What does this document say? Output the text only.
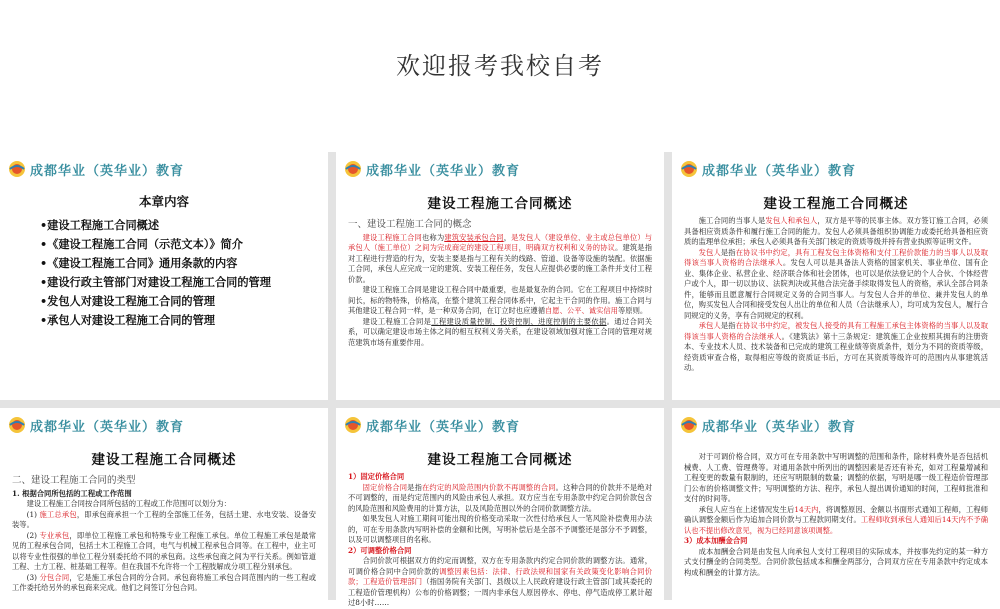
欢迎报考我校自考
成都华业（英华业）教育
本章内容
•建设工程施工合同概述
•《建设工程施工合同（示范文本）》简介
•《建设工程施工合同》通用条款的内容
•建设行政主管部门对建设工程施工合同的管理
•发包人对建设工程施工合同的管理
•承包人对建设工程施工合同的管理
成都华业（英华业）教育
建设工程施工合同概述
一、建设工程施工合同的概念
建设工程施工合同也称为建筑安装承包合同，是发包人（建设单位、业主或总包单位）与承包人（施工单位）之间为完成商定的建设工程项目，明确双方权利和义务的协议。建筑是指对工程进行营造的行为，安装主要是指与工程有关的线路、管道、设备等设施的装配。依据施工合同，承包人应完成一定的建筑、安装工程任务，发包人应提供必要的施工条件并支付工程价款。
建设工程施工合同是建设工程合同中最重要，也是最复杂的合同。它在工程项目中持续时间长，标的物特殊，价格高，在整个建筑工程合同体系中，它起主干合同的作用。施工合同与其他建设工程合同一样，是一种双务合同，在订立时也应遵循自愿、公平、诚实信用等原则。
建设工程施工合同是工程建设质量控制、投资控制、进度控制的主要依据。通过合同关系，可以确定建设市场主体之间的相互权利义务关系，在建设领域加强对施工合同的管理对规范建筑市场有重要作用。
成都华业（英华业）教育
建设工程施工合同概述
施工合同的当事人是发包人和承包人，双方是平等的民事主体。双方签订施工合同，必须具备相应资质条件和履行施工合同的能力。发包人必须具备组织协调能力或委托给具备相应资质的监理单位承担；承包人必须具备有关部门核定的资质等级并持有营业执照等证明文件。
发包人是指在协议书中约定，具有工程发包主体资格和支付工程价款能力的当事人以及取得该当事人资格的合法继承人。发包人可以是具备法人资格的国家机关、事业单位、国有企业、集体企业、私营企业、经济联合体和社会团体，也可以是依法登记的个人合伙、个体经营户或个人，即一切以协议、法院判决或其他合法完备手续取得发包人的资格，承认全部合同条件，能够而且愿意履行合同规定义务的合同当事人。与发包人合并的单位、兼并发包人的单位，购买发包人合同和接受发包人出让的单位和人员（合法继承人），均可成为发包人，履行合同规定的义务，享有合同规定的权利。
承包人是指在协议书中约定，被发包人接受的具有工程施工承包主体资格的当事人以及取得该当事人资格的合法继承人。《建筑法》第十三条规定：建筑施工企业按照其拥有的注册资本、专业技术人员、技术装备和已完成的建筑工程业绩等资质条件，划分为不同的资质等级，经资质审查合格，取得相应等级的资质证书后，方可在其资质等级许可的范围内从事建筑活动。
成都华业（英华业）教育
建设工程施工合同概述
二、建设工程施工合同的类型
1. 根据合同所包括的工程或工作范围
建设工程施工合同按合同所包括的工程或工作范围可以划分为：
(1) 施工总承包，即承包商承担一个工程的全部施工任务，包括土建、水电安装、设备安装等。
(2) 专业承包，即单位工程施工承包和特殊专业工程施工承包。单位工程施工承包是最常见的工程承包合同，包括土木工程施工合同，电气与机械工程承包合同等。在工程中，业主可以将专业性很强的单位工程分别委托给不同的承包商。这些承包商之间为平行关系。例如管道工程、土方工程、桩基础工程等。但在我国不允许将一个工程肢解成分项工程分别承包。
(3) 分包合同，它是施工承包合同的分合同。承包商将施工承包合同范围内的一些工程或工作委托给另外的承包商来完成。他们之间签订分包合同。
成都华业（英华业）教育
建设工程施工合同概述
1）固定价格合同
固定价格合同是指在约定的风险范围内价款不再调整的合同。这种合同的价款并不是绝对不可调整的，而是约定范围内的风险由承包人承担。双方应当在专用条款中约定合同价款包含的风险范围和风险费用的计算方法，以及风险范围以外的合同价款调整方法。
如果发包人对施工期间可能出现的价格变动采取一次性付给承包人一笔风险补偿费用办法的，可在专用条款内写明补偿的金额和比例，写明补偿后是全部不予调整还是部分不予调整，以及可以调整项目的名称。
2）可调整价格合同
合同价款可根据双方的约定而调整，双方在专用条款内约定合同价款的调整方法。通常，可调价格合同中合同价款的调整因素包括：法律、行政法规和国家有关政策变化影响合同价款；工程造价管理部门（指国务院有关部门、县级以上人民政府建设行政主管部门或其委托的工程造价管理机构）公布的价格调整；一周内非承包人原因停水、停电、停气造成停工累计超过8小时……
成都华业（英华业）教育
对于可调价格合同，双方可在专用条款中写明调整的范围和条件，除材料费外是否包括机械费、人工费、管理费等。对通用条款中所列出的调整因素是否还有补充，如对工程量增减和工程变更的数量有限制的，还应写明限制的数量；调整的依据，写明是哪一级工程造价管理部门公布的价格调整文件；写明调整的方法、程序，承包人提出调价通知的时间，工程师批准和支付的时间等。
承包人应当在上述情况发生后14天内，将调整原因、金额以书面形式通知工程师，工程师确认调整金额后作为追加合同价款与工程款同期支付。工程师收到承包人通知后14天内不予确认也不提出修改意见，视为已经同意该项调整。
3）成本加酬金合同
成本加酬金合同是由发包人向承包人支付工程项目的实际成本，并按事先约定的某一种方式支付酬金的合同类型。合同价款包括成本和酬金两部分，合同双方应在专用条款中约定成本构成和酬金的计算方法。
